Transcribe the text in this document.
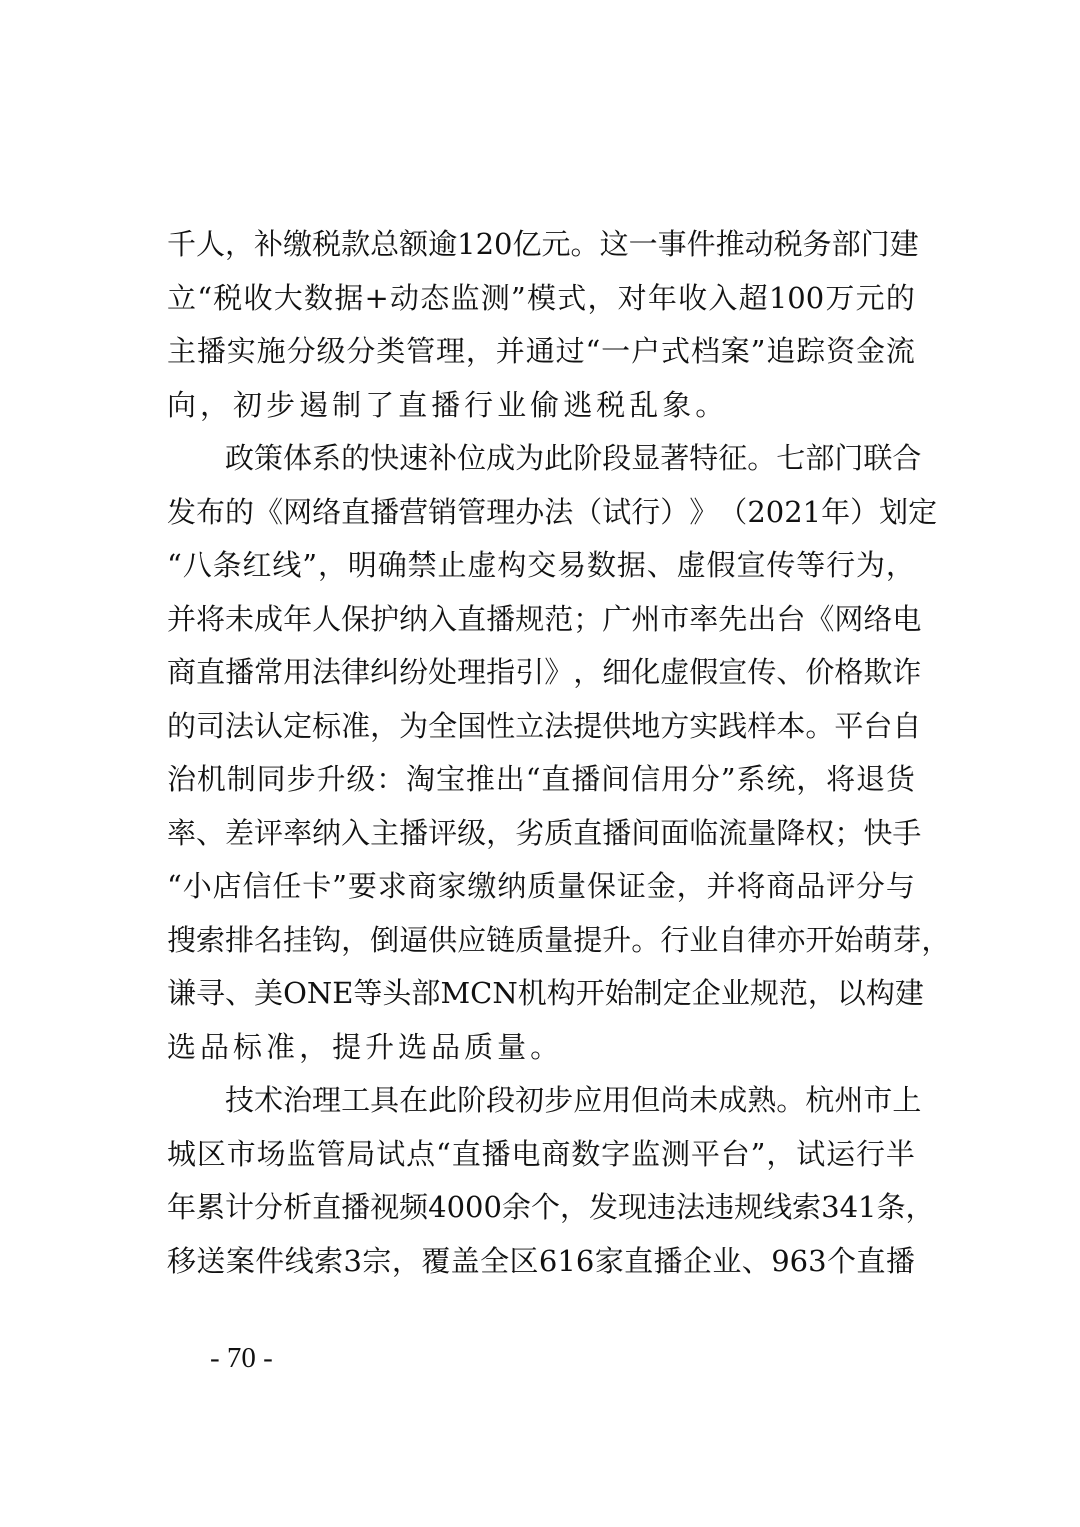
千 人 ， 补 缴 税 款 总 额 逾 120 亿 元 。 这 一 事 件 推 动 税 务 部 门 建
立 “ 税 收 大 数 据 + 动 态 监 测 ” 模 式 ， 对 年 收 入 超 100 万 元 的
主 播 实 施 分 级 分 类 管 理 ， 并 通 过 “ 一 户 式 档 案 ” 追 踪 资 金 流
向 ， 初 步 遏 制 了 直 播 行 业 偷 逃 税 乱 象 。
政 策 体 系 的 快 速 补 位 成 为 此 阶 段 显 著 特 征 。 七 部 门 联 合
发 布 的 《 网 络 直 播 营 销 管 理 办 法 （ 试 行 ） 》 （ 2021 年 ） 划 定
“ 八 条 红 线 ” ， 明 确 禁 止 虚 构 交 易 数 据 、 虚 假 宣 传 等 行 为 ，
并 将 未 成 年 人 保 护 纳 入 直 播 规 范 ； 广 州 市 率 先 出 台 《 网 络 电
商 直 播 常 用 法 律 纠 纷 处 理 指 引 》 ， 细 化 虚 假 宣 传 、 价 格 欺 诈
的 司 法 认 定 标 准 ， 为 全 国 性 立 法 提 供 地 方 实 践 样 本 。 平 台 自
治 机 制 同 步 升 级 ： 淘 宝 推 出 “ 直 播 间 信 用 分 ” 系 统 ， 将 退 货
率 、 差 评 率 纳 入 主 播 评 级 ， 劣 质 直 播 间 面 临 流 量 降 权 ； 快 手
“ 小 店 信 任 卡 ” 要 求 商 家 缴 纳 质 量 保 证 金 ， 并 将 商 品 评 分 与
搜 索 排 名 挂 钩 ， 倒 逼 供 应 链 质 量 提 升 。 行 业 自 律 亦 开 始 萌 芽 ，
谦 寻 、 美 ONE 等 头 部 MCN 机 构 开 始 制 定 企 业 规 范 ， 以 构 建
选 品 标 准 ， 提 升 选 品 质 量 。
技 术 治 理 工 具 在 此 阶 段 初 步 应 用 但 尚 未 成 熟 。 杭 州 市 上
城 区 市 场 监 管 局 试 点 “ 直 播 电 商 数 字 监 测 平 台 ” ， 试 运 行 半
年 累 计 分 析 直 播 视 频 4000 余 个 ， 发 现 违 法 违 规 线 索 341 条 ，
移 送 案 件 线 索 3 宗 ， 覆 盖 全 区 616 家 直 播 企 业 、 963 个 直 播
- 70 -
